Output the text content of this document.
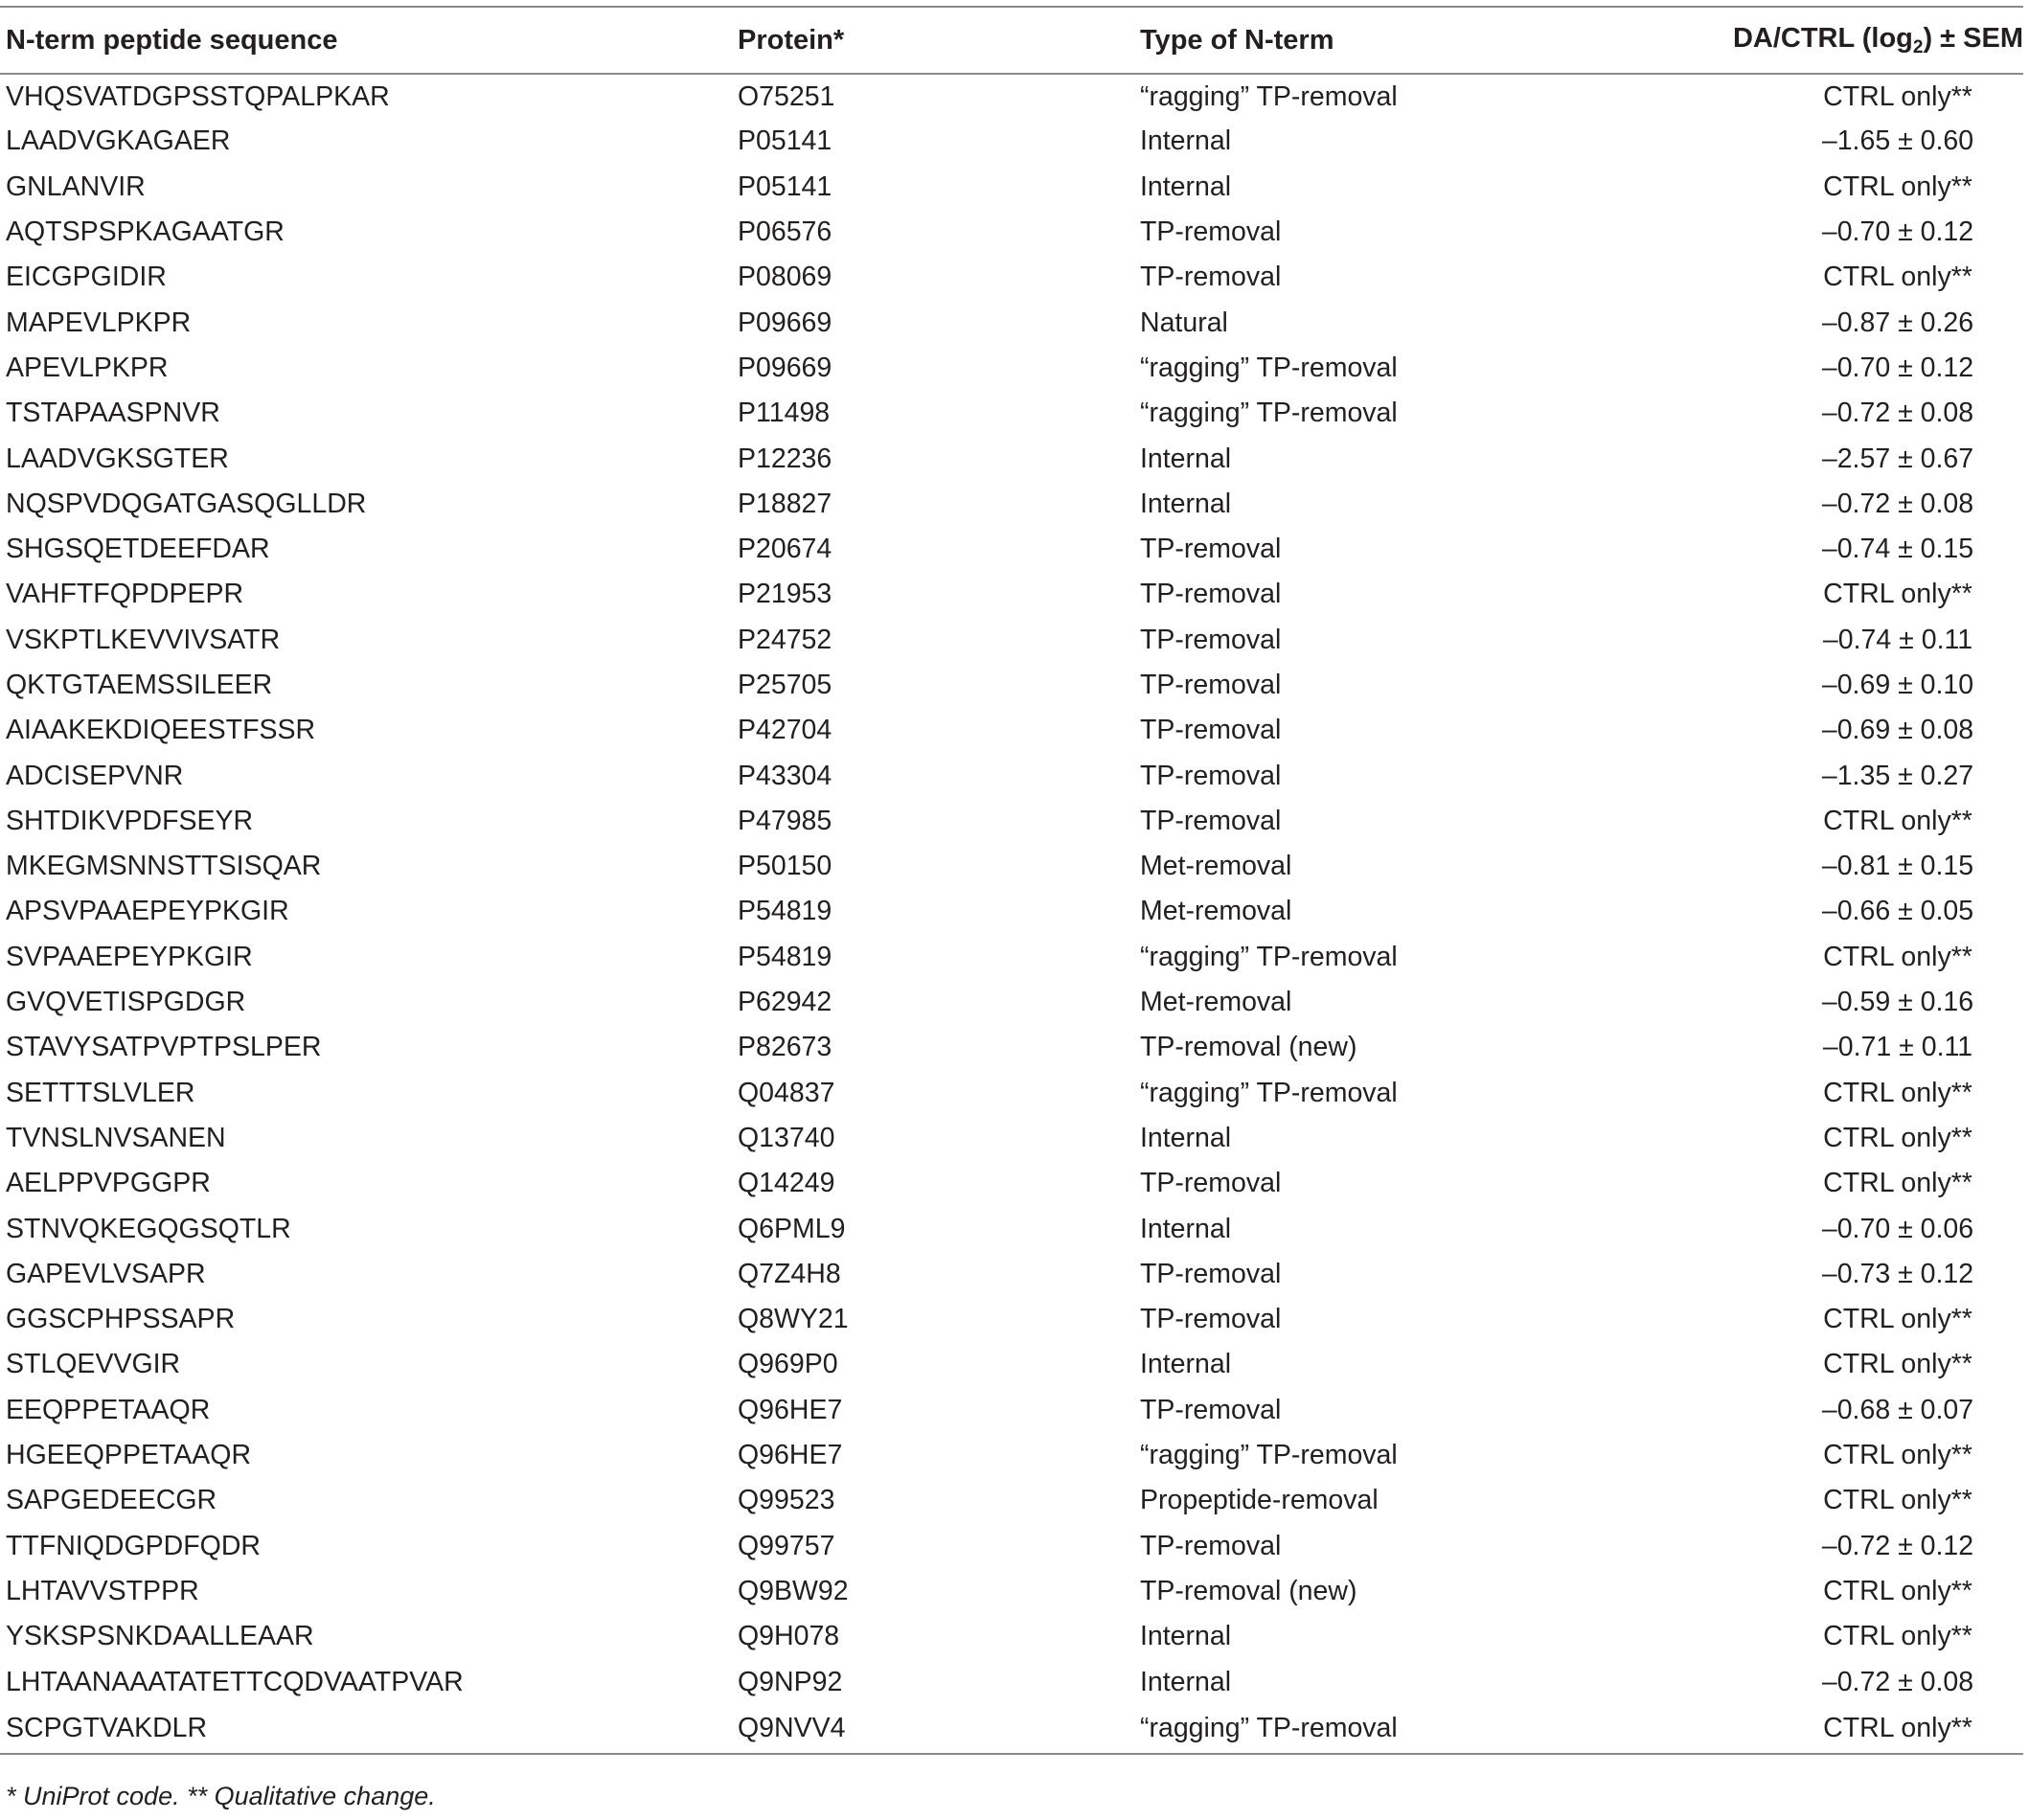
N-term peptide sequence	Protein*	Type of N-term	DA/CTRL $(\log_2)$ ± SEM
VHQSVATDGPSSTQPALPKAR	O75251	“ragging” TP-removal	CTRL only**
LAADVGKAGAER	P05141	Internal	–1.65 ± 0.60
GNLANVIR	P05141	Internal	CTRL only**
AQTSPSPKAGAATGR	P06576	TP-removal	–0.70 ± 0.12
EICGPGIDIR	P08069	TP-removal	CTRL only**
MAPEVLPKPR	P09669	Natural	–0.87 ± 0.26
APEVLPKPR	P09669	“ragging” TP-removal	–0.70 ± 0.12
TSTAPAASPNVR	P11498	“ragging” TP-removal	–0.72 ± 0.08
LAADVGKSGTER	P12236	Internal	–2.57 ± 0.67
NQSPVDQGATGASQGLLDR	P18827	Internal	–0.72 ± 0.08
SHGSQETDEEFDAR	P20674	TP-removal	–0.74 ± 0.15
VAHFTFQPDPEPR	P21953	TP-removal	CTRL only**
VSKPTLKEVVIVSATR	P24752	TP-removal	–0.74 ± 0.11
QKTGTAEMSSILEER	P25705	TP-removal	–0.69 ± 0.10
AIAAKEKDIQEESTFSSR	P42704	TP-removal	–0.69 ± 0.08
ADCISEPVNR	P43304	TP-removal	–1.35 ± 0.27
SHTDIKVPDFSEYR	P47985	TP-removal	CTRL only**
MKEGMSNNSTTSISQAR	P50150	Met-removal	–0.81 ± 0.15
APSVPAAEPEYPKGIR	P54819	Met-removal	–0.66 ± 0.05
SVPAAEPEYPKGIR	P54819	“ragging” TP-removal	CTRL only**
GVQVETISPGDGR	P62942	Met-removal	–0.59 ± 0.16
STAVYSATPVPTPSLPER	P82673	TP-removal (new)	–0.71 ± 0.11
SETTTSLVLER	Q04837	“ragging” TP-removal	CTRL only**
TVNSLNVSANEN	Q13740	Internal	CTRL only**
AELPPVPGGPR	Q14249	TP-removal	CTRL only**
STNVQKEGQGSQTLR	Q6PML9	Internal	–0.70 ± 0.06
GAPEVLVSAPR	Q7Z4H8	TP-removal	–0.73 ± 0.12
GGSCPHPSSAPR	Q8WY21	TP-removal	CTRL only**
STLQEVVGIR	Q969P0	Internal	CTRL only**
EEQPPETAAQR	Q96HE7	TP-removal	–0.68 ± 0.07
HGEEQPPETAAQR	Q96HE7	“ragging” TP-removal	CTRL only**
SAPGEDEECGR	Q99523	Propeptide-removal	CTRL only**
TTFNIQDGPDFQDR	Q99757	TP-removal	–0.72 ± 0.12
LHTAVVSTPPR	Q9BW92	TP-removal (new)	CTRL only**
YSKSPSNKDAALLEAAR	Q9H078	Internal	CTRL only**
LHTAANAAATATETTCQDVAATPVAR	Q9NP92	Internal	–0.72 ± 0.08
SCPGTVAKDLR	Q9NVV4	“ragging” TP-removal	CTRL only**
* UniProt code. ** Qualitative change.
